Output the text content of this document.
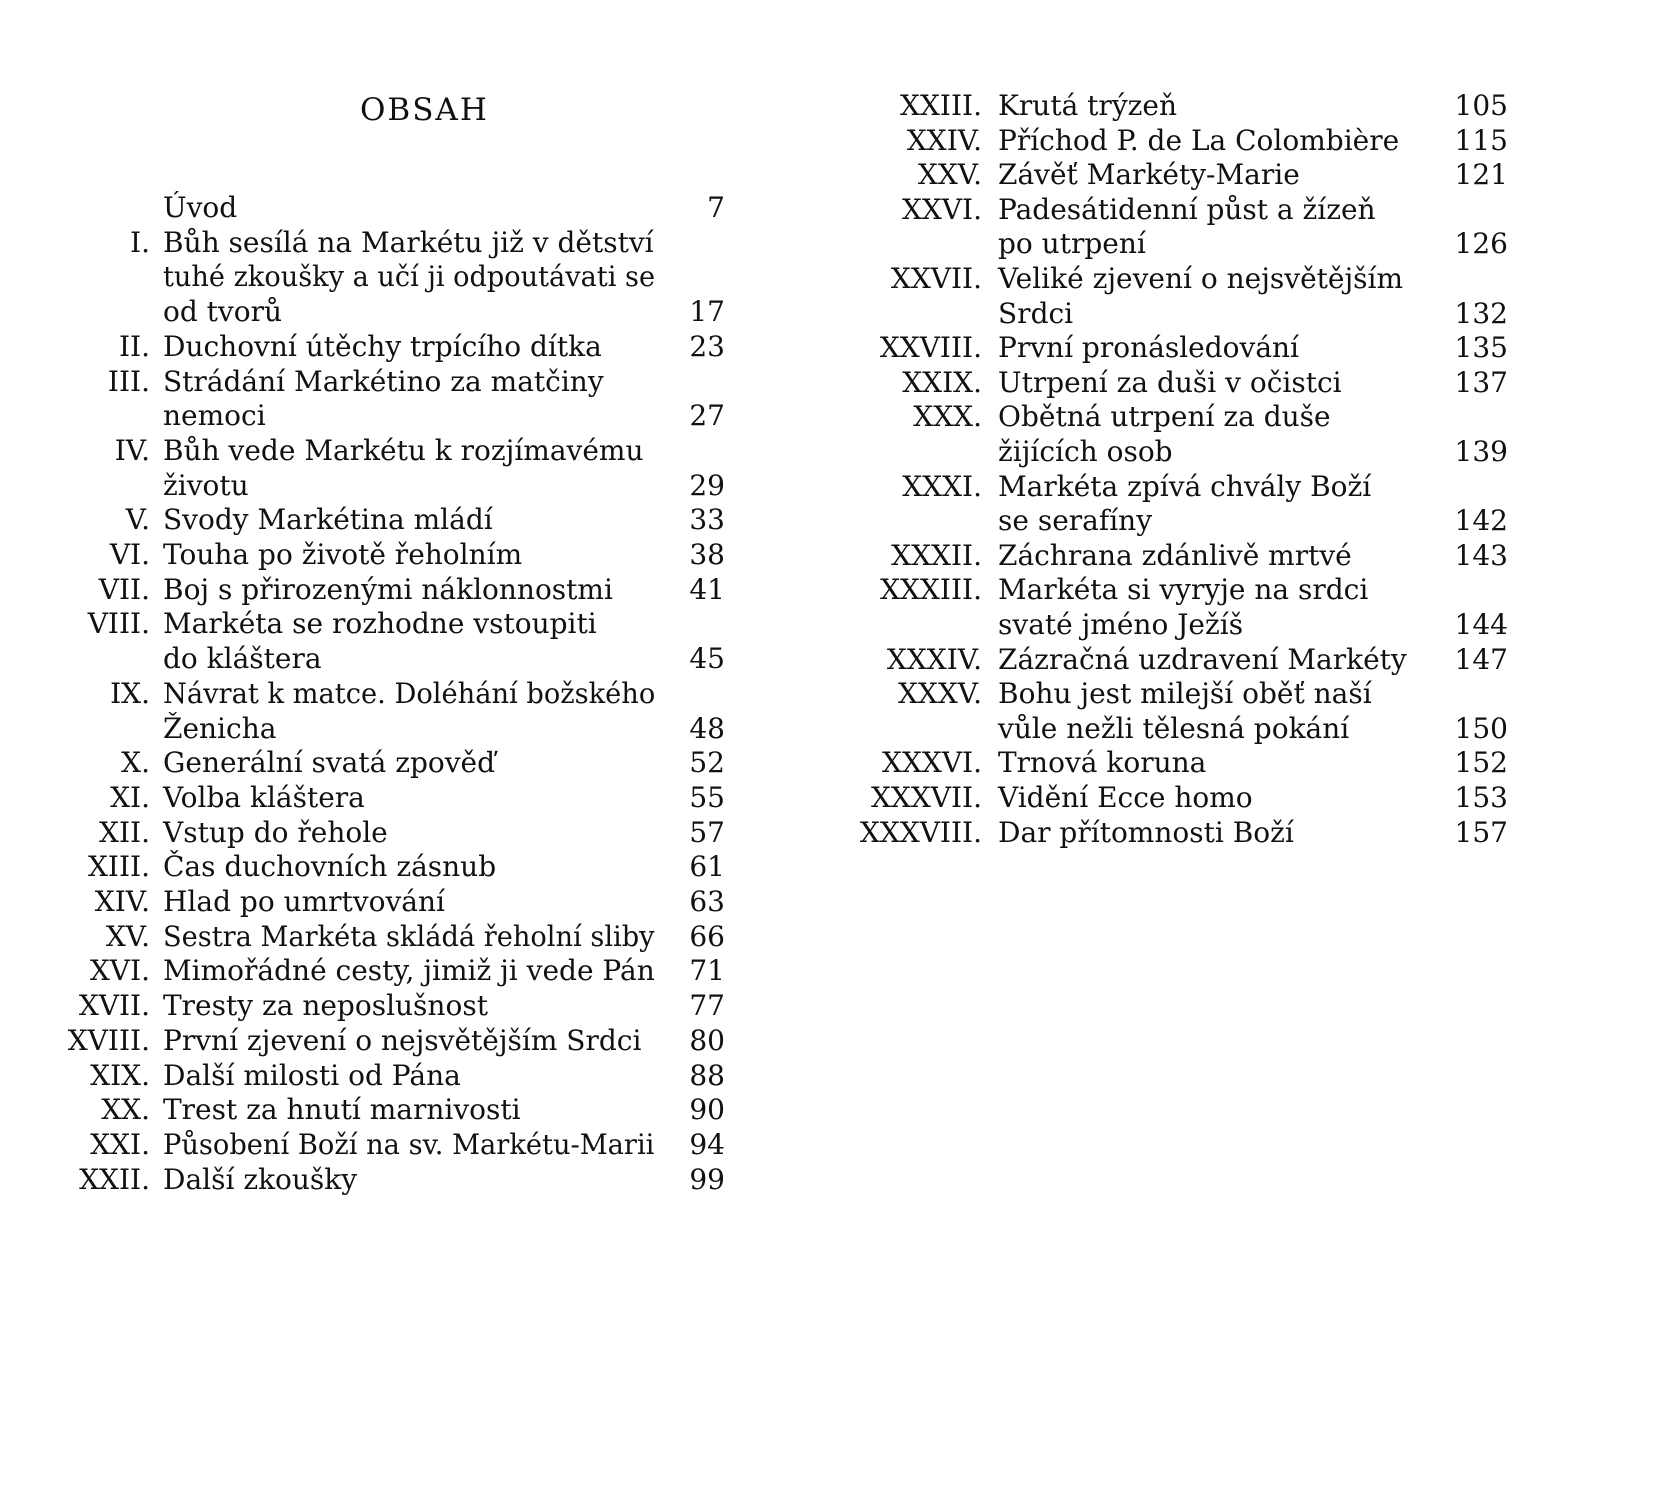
OBSAH
Úvod	7
I. Bůh sesílá na Markétu již v dětství
tuhé zkoušky a učí ji odpoutávati se
od tvorů	17
II. Duchovní útěchy trpícího dítka	23
III. Strádání Markétino za matčiny
nemoci	27
IV. Bůh vede Markétu k rozjímavému
životu	29
V. Svody Markétina mládí	33
VI. Touha po životě řeholním	38
VII. Boj s přirozenými náklonnostmi	41
VIII. Markéta se rozhodne vstoupiti
do kláštera	45
IX. Návrat k matce. Doléhání božského
Ženicha	48
X. Generální svatá zpověď	52
XI. Volba kláštera	55
XII. Vstup do řehole	57
XIII. Čas duchovních zásnub	61
XIV. Hlad po umrtvování	63
XV. Sestra Markéta skládá řeholní sliby	66
XVI. Mimořádné cesty, jimiž ji vede Pán	71
XVII. Tresty za neposlušnost	77
XVIII. První zjevení o nejsvětějším Srdci	80
XIX. Další milosti od Pána	88
XX. Trest za hnutí marnivosti	90
XXI. Působení Boží na sv. Markétu-Marii	94
XXII. Další zkoušky	99
XXIII. Krutá trýzeň	105
XXIV. Příchod P. de La Colombière	115
XXV. Závěť Markéty-Marie	121
XXVI. Padesátidenní půst a žízeň
po utrpení	126
XXVII. Veliké zjevení o nejsvětějším
Srdci	132
XXVIII. První pronásledování	135
XXIX. Utrpení za duši v očistci	137
XXX. Obětná utrpení za duše
žijících osob	139
XXXI. Markéta zpívá chvály Boží
se serafíny	142
XXXII. Záchrana zdánlivě mrtvé	143
XXXIII. Markéta si vyryje na srdci
svaté jméno Ježíš	144
XXXIV. Zázračná uzdravení Markéty	147
XXXV. Bohu jest milejší oběť naší
vůle nežli tělesná pokání	150
XXXVI. Trnová koruna	152
XXXVII. Vidění Ecce homo	153
XXXVIII. Dar přítomnosti Boží	157
